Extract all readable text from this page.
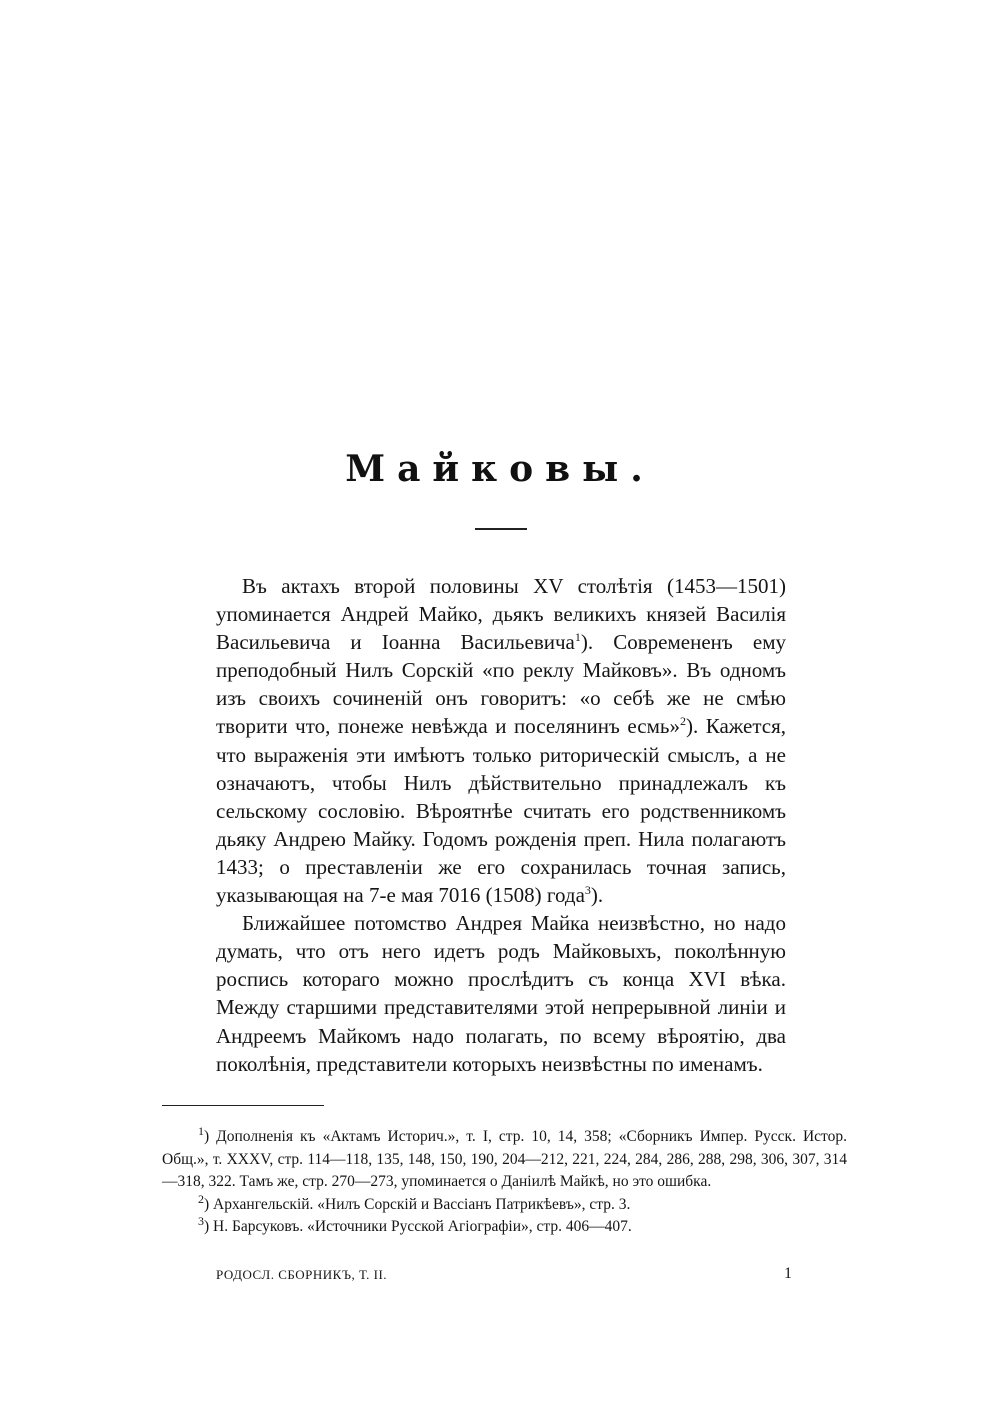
Майковы.

Въ актахъ второй половины XV столѣтія (1453—1501) упоминается Андрей Майко, дьякъ великихъ князей Василія Васильевича и Іоанна Васильевича$^1$). Современенъ ему преподобный Нилъ Сорскій «по реклу Майковъ». Въ одномъ изъ своихъ сочиненій онъ говоритъ: «о себѣ же не смѣю творити что, понеже невѣжда и поселянинъ есмь»$^2$). Кажется, что выраженія эти имѣютъ только риторическій смыслъ, а не означаютъ, чтобы Нилъ дѣйствительно принадлежалъ къ сельскому сословію. Вѣроятнѣе считать его родственникомъ дьяку Андрею Майку. Годомъ рожденія преп. Нила полагаютъ 1433; о преставленіи же его сохранилась точная запись, указывающая на 7-е мая 7016 (1508) года$^3$).

Ближайшее потомство Андрея Майка неизвѣстно, но надо думать, что отъ него идетъ родъ Майковыхъ, поколѣнную роспись котораго можно прослѣдитъ съ конца XVI вѣка. Между старшими представителями этой непрерывной линіи и Андреемъ Майкомъ надо полагать, по всему вѣроятію, два поколѣнія, представители которыхъ неизвѣстны по именамъ.

$^1$) Дополненія къ «Актамъ Историч.», т. I, стр. 10, 14, 358; «Сборникъ Импер. Русск. Истор. Общ.», т. XXXV, стр. 114—118, 135, 148, 150, 190, 204—212, 221, 224, 284, 286, 288, 298, 306, 307, 314—318, 322. Тамъ же, стр. 270—273, упоминается о Даніилѣ Майкѣ, но это ошибка.

$^2$) Архангельскій. «Нилъ Сорскій и Вассіанъ Патрикѣевъ», стр. 3.

$^3$) Н. Барсуковъ. «Источники Русской Агіографіи», стр. 406—407.

РОДОСЛ. СБОРНИКЪ, Т. II.	1
